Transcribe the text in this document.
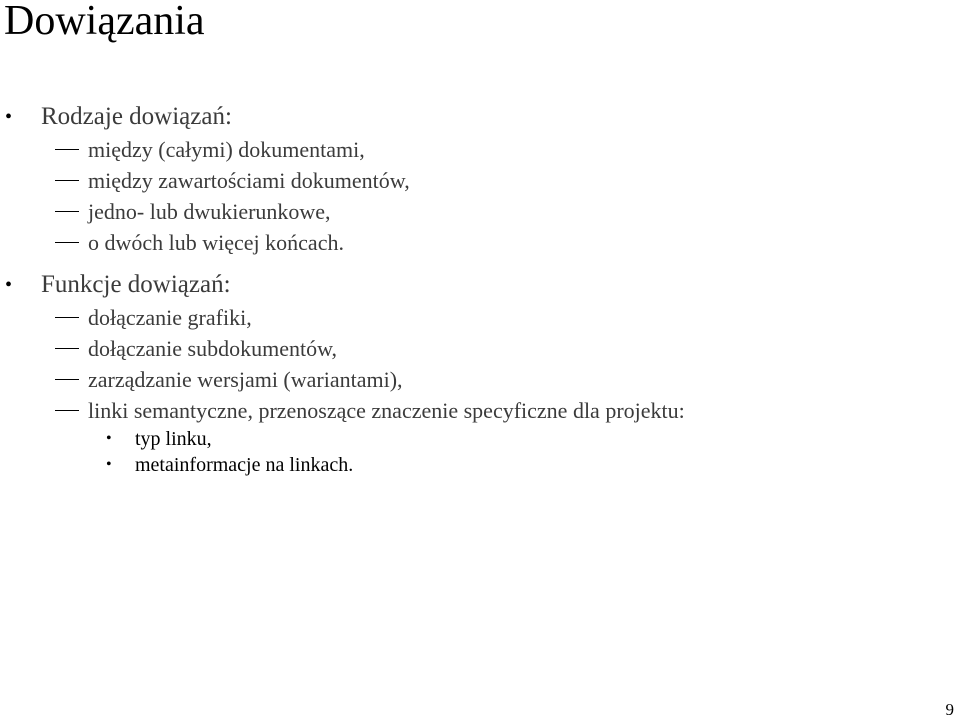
Dowiązania
• Rodzaje dowiązań:
między (całymi) dokumentami,
między zawartościami dokumentów,
jedno- lub dwukierunkowe,
o dwóch lub więcej końcach.
• Funkcje dowiązań:
dołączanie grafiki,
dołączanie subdokumentów,
zarządzanie wersjami (wariantami),
linki semantyczne, przenoszące znaczenie specyficzne dla projektu:
• typ linku,
• metainformacje na linkach.
9
